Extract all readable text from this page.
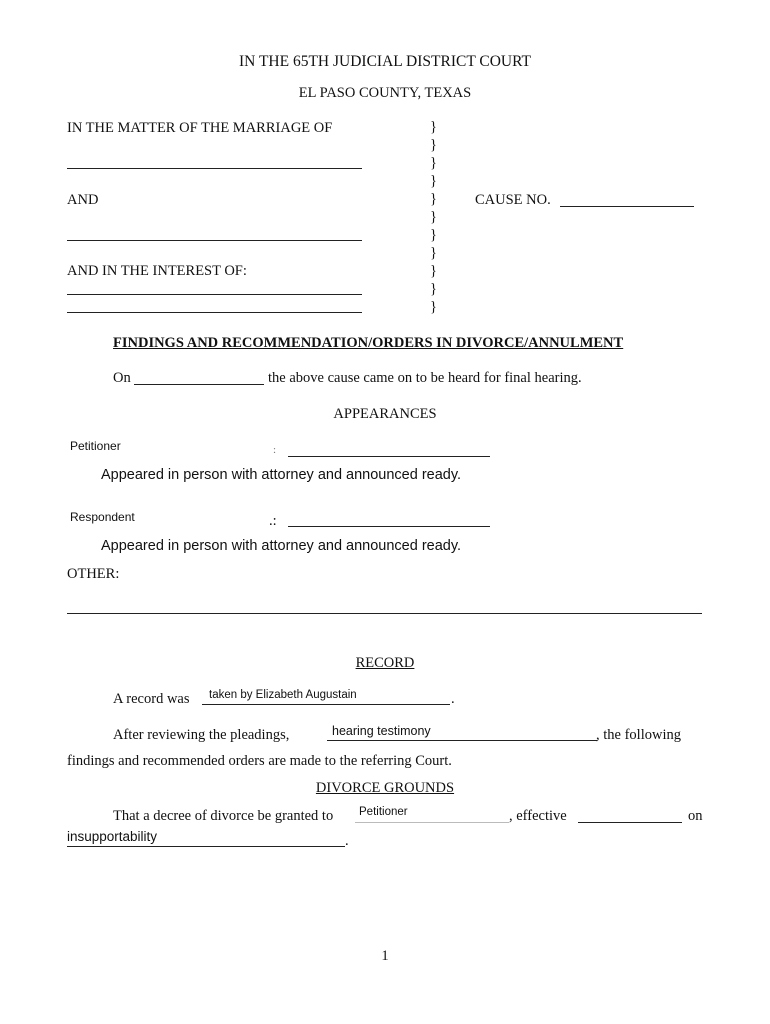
IN THE 65TH JUDICIAL DISTRICT COURT
EL PASO COUNTY, TEXAS
IN THE MATTER OF THE MARRIAGE OF
AND
AND IN THE INTEREST OF:
}
}
}
}
}
}
}
}
}
}
}
CAUSE NO.
FINDINGS AND RECOMMENDATION/ORDERS IN DIVORCE/ANNULMENT
On	the above cause came on to be heard for final hearing.
APPEARANCES
Petitioner	:
Appeared in person with attorney and announced ready.
Respondent	.:
Appeared in person with attorney and announced ready.
OTHER:
RECORD
A record was taken by Elizabeth Augustain	.
After reviewing the pleadings,	hearing testimony	, the following
findings and recommended orders are made to the referring Court.
DIVORCE GROUNDS
That a decree of divorce be granted to Petitioner	, effective	on
insupportability	.
1
